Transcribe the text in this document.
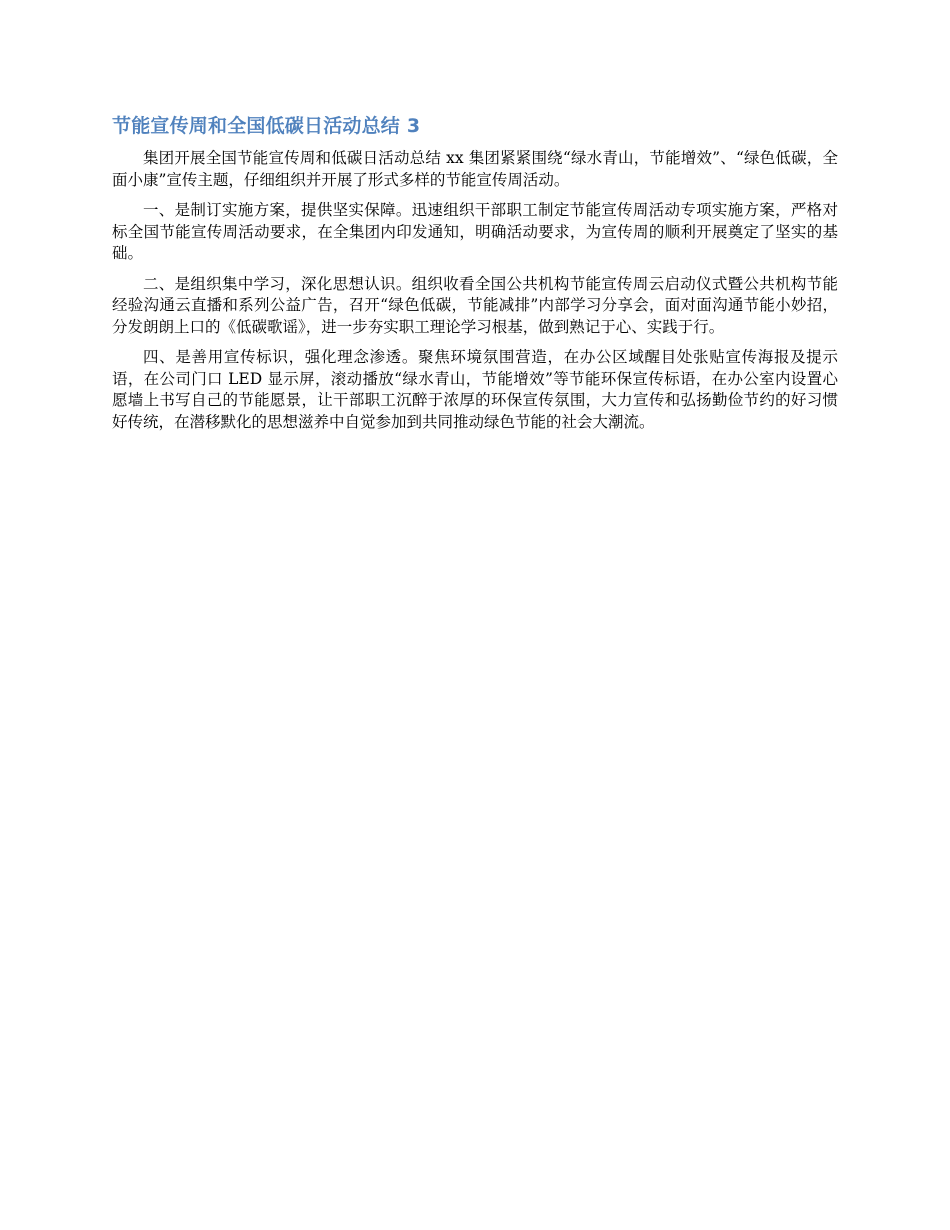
节能宣传周和全国低碳日活动总结 3

集团开展全国节能宣传周和低碳日活动总结 xx 集团紧紧围绕“绿水青山，节能增效”、“绿色低碳，全面小康”宣传主题，仔细组织并开展了形式多样的节能宣传周活动。

一、是制订实施方案，提供坚实保障。迅速组织干部职工制定节能宣传周活动专项实施方案，严格对标全国节能宣传周活动要求，在全集团内印发通知，明确活动要求，为宣传周的顺利开展奠定了坚实的基础。

二、是组织集中学习，深化思想认识。组织收看全国公共机构节能宣传周云启动仪式暨公共机构节能经验沟通云直播和系列公益广告，召开“绿色低碳，节能减排”内部学习分享会，面对面沟通节能小妙招，分发朗朗上口的《低碳歌谣》，进一步夯实职工理论学习根基，做到熟记于心、实践于行。

四、是善用宣传标识，强化理念渗透。聚焦环境氛围营造，在办公区域醒目处张贴宣传海报及提示语，在公司门口 LED 显示屏，滚动播放“绿水青山，节能增效”等节能环保宣传标语，在办公室内设置心愿墙上书写自己的节能愿景，让干部职工沉醉于浓厚的环保宣传氛围，大力宣传和弘扬勤俭节约的好习惯好传统，在潜移默化的思想滋养中自觉参加到共同推动绿色节能的社会大潮流。
